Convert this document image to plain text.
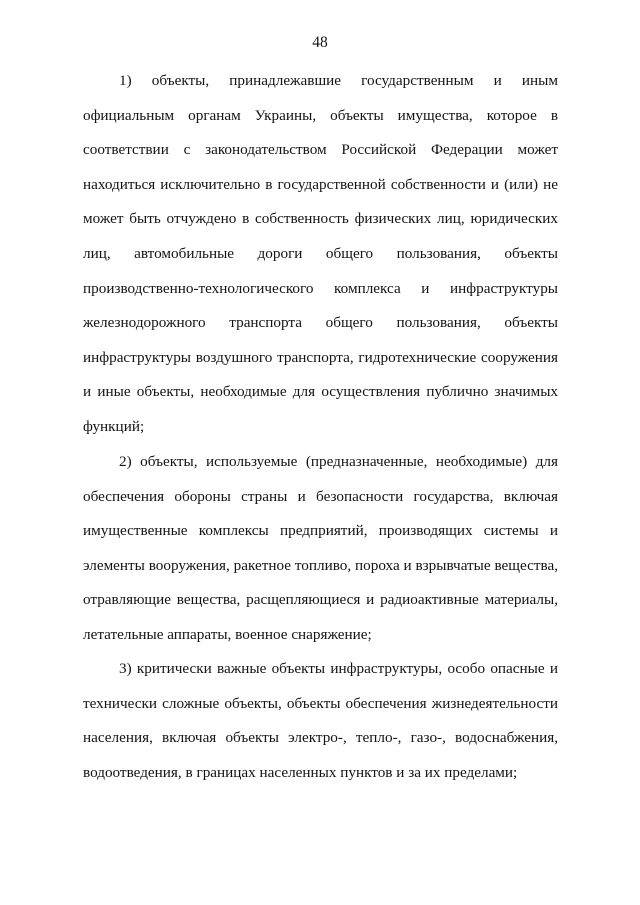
48

1) объекты, принадлежавшие государственным и иным официальным органам Украины, объекты имущества, которое в соответствии с законодательством Российской Федерации может находиться исключительно в государственной собственности и (или) не может быть отчуждено в собственность физических лиц, юридических лиц, автомобильные дороги общего пользования, объекты производственно-технологического комплекса и инфраструктуры железнодорожного транспорта общего пользования, объекты инфраструктуры воздушного транспорта, гидротехнические сооружения и иные объекты, необходимые для осуществления публично значимых функций;

2) объекты, используемые (предназначенные, необходимые) для обеспечения обороны страны и безопасности государства, включая имущественные комплексы предприятий, производящих системы и элементы вооружения, ракетное топливо, пороха и взрывчатые вещества, отравляющие вещества, расщепляющиеся и радиоактивные материалы, летательные аппараты, военное снаряжение;

3) критически важные объекты инфраструктуры, особо опасные и технически сложные объекты, объекты обеспечения жизнедеятельности населения, включая объекты электро-, тепло-, газо-, водоснабжения, водоотведения, в границах населенных пунктов и за их пределами;
